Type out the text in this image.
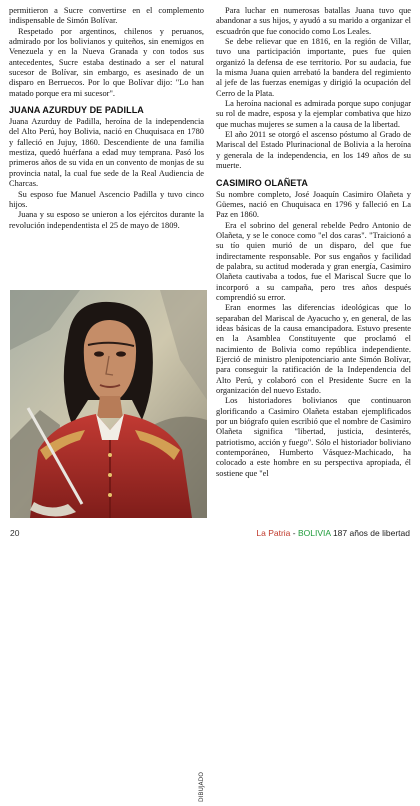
permitieron a Sucre convertirse en el complemento indispensable de Simón Bolívar.

Respetado por argentinos, chilenos y peruanos, admirado por los bolivianos y quiteños, sin enemigos en Venezuela y en la Nueva Granada y con todos sus antecedentes, Sucre estaba destinado a ser el natural sucesor de Bolívar, sin embargo, es asesinado de un disparo en Berruecos. Por lo que Bolívar dijo: "Lo han matado porque era mi sucesor".

JUANA AZURDUY DE PADILLA

Juana Azurduy de Padilla, heroína de la independencia del Alto Perú, hoy Bolivia, nació en Chuquisaca en 1780 y falleció en Jujuy, 1860. Descendiente de una familia mestiza, quedó huérfana a edad muy temprana. Pasó los primeros años de su vida en un convento de monjas de su provincia natal, la cual fue sede de la Real Audiencia de Charcas.

Su esposo fue Manuel Ascencio Padilla y tuvo cinco hijos.

Juana y su esposo se unieron a los ejércitos durante la revolución independentista el 25 de mayo de 1809.

DIBUJADO

Para luchar en numerosas batallas Juana tuvo que abandonar a sus hijos, y ayudó a su marido a organizar el escuadrón que fue conocido como Los Leales.

Se debe relievar que en 1816, en la región de Villar, tuvo una participación importante, pues fue quien organizó la defensa de ese territorio. Por su audacia, fue la misma Juana quien arrebató la bandera del regimiento al jefe de las fuerzas enemigas y dirigió la ocupación del Cerro de la Plata.

La heroína nacional es admirada porque supo conjugar su rol de madre, esposa y la ejemplar combativa que hizo que muchas mujeres se sumen a la causa de la libertad.

El año 2011 se otorgó el ascenso póstumo al Grado de Mariscal del Estado Plurinacional de Bolivia a la heroína y generala de la independencia, en los 149 años de su muerte.

CASIMIRO OLAÑETA

Su nombre completo, José Joaquín Casimiro Olañeta y Güemes, nació en Chuquisaca en 1796 y falleció en La Paz en 1860.

Era el sobrino del general rebelde Pedro Antonio de Olañeta, y se le conoce como "el dos caras". "Traicionó a su tío quien murió de un disparo, del que fue indirectamente responsable. Por sus engaños y facilidad de palabra, su actitud moderada y gran energía, Casimiro Olañeta cautivaba a todos, fue el Mariscal Sucre que lo incorporó a su campaña, pero tres años después comprendió su error.

Eran enormes las diferencias ideológicas que lo separaban del Mariscal de Ayacucho y, en general, de las ideas básicas de la causa emancipadora. Estuvo presente en la Asamblea Constituyente que proclamó el nacimiento de Bolivia como república independiente. Ejerció de ministro plenipotenciario ante Simón Bolívar, para conseguir la ratificación de la Independencia del Alto Perú, y colaboró con el Presidente Sucre en la organización del nuevo Estado.

Los historiadores bolivianos que continuaron glorificando a Casimiro Olañeta estaban ejemplificados por un biógrafo quien escribió que el nombre de Casimiro Olañeta significa "libertad, justicia, desinterés, patriotismo, acción y fuego". Sólo el historiador boliviano contemporáneo, Humberto Vásquez-Machicado, ha colocado a este hombre en su perspectiva apropiada, él sostiene que "el

20	La Patria - BOLIVIA 187 años de libertad
